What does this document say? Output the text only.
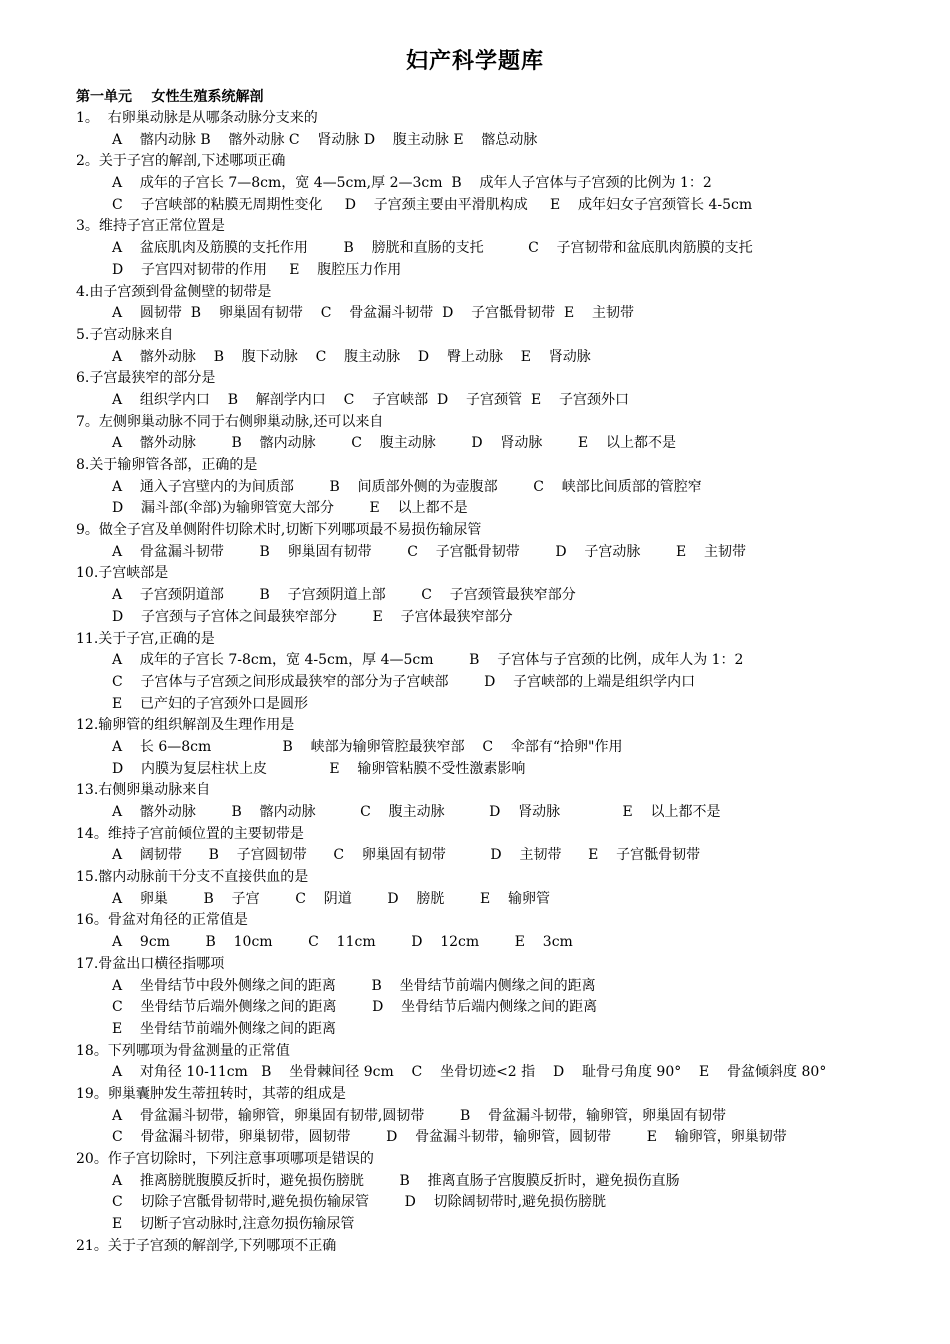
妇产科学题库
第一单元    女性生殖系统解剖
1。  右卵巢动脉是从哪条动脉分支来的
A    髂内动脉 B    髂外动脉 C    肾动脉 D    腹主动脉 E    髂总动脉
2。关于子宫的解剖,下述哪项正确
A    成年的子宫长 7—8cm，宽 4—5cm,厚 2—3cm  B    成年人子宫体与子宫颈的比例为 1：2
C    子宫峡部的粘膜无周期性变化     D    子宫颈主要由平滑肌构成     E    成年妇女子宫颈管长 4-5cm
3。维持子宫正常位置是
A    盆底肌肉及筋膜的支托作用        B    膀胱和直肠的支托          C    子宫韧带和盆底肌肉筋膜的支托
D    子宫四对韧带的作用     E    腹腔压力作用
4.由子宫颈到骨盆侧壁的韧带是
A    圆韧带  B    卵巢固有韧带    C    骨盆漏斗韧带  D    子宫骶骨韧带  E    主韧带
5.子宫动脉来自
A    髂外动脉    B    腹下动脉    C    腹主动脉    D    臀上动脉    E    肾动脉
6.子宫最狭窄的部分是
A    组织学内口    B    解剖学内口    C    子宫峡部  D    子宫颈管  E    子宫颈外口
7。左侧卵巢动脉不同于右侧卵巢动脉,还可以来自
A    髂外动脉        B    髂内动脉        C    腹主动脉        D    肾动脉        E    以上都不是
8.关于输卵管各部，正确的是
A    通入子宫壁内的为间质部        B    间质部外侧的为壶腹部        C    峡部比间质部的管腔窄
D    漏斗部(伞部)为输卵管宽大部分        E    以上都不是
9。做全子宫及单侧附件切除术时,切断下列哪项最不易损伤输尿管
A    骨盆漏斗韧带        B    卵巢固有韧带        C    子宫骶骨韧带        D    子宫动脉        E    主韧带
10.子宫峡部是
A    子宫颈阴道部        B    子宫颈阴道上部        C    子宫颈管最狭窄部分
D    子宫颈与子宫体之间最狭窄部分        E    子宫体最狭窄部分
11.关于子宫,正确的是
A    成年的子宫长 7-8cm，宽 4-5cm，厚 4—5cm        B    子宫体与子宫颈的比例，成年人为 1：2
C    子宫体与子宫颈之间形成最狭窄的部分为子宫峡部        D    子宫峡部的上端是组织学内口
E    已产妇的子宫颈外口是圆形
12.输卵管的组织解剖及生理作用是
A    长 6—8cm                B    峡部为输卵管腔最狭窄部    C    伞部有“拾卵"作用
D    内膜为复层柱状上皮              E    输卵管粘膜不受性激素影响
13.右侧卵巢动脉来自
A    髂外动脉        B    髂内动脉          C    腹主动脉          D    肾动脉              E    以上都不是
14。维持子宫前倾位置的主要韧带是
A    阔韧带      B    子宫圆韧带      C    卵巢固有韧带          D    主韧带      E    子宫骶骨韧带
15.髂内动脉前干分支不直接供血的是
A    卵巢        B    子宫        C    阴道        D    膀胱        E    输卵管
16。骨盆对角径的正常值是
A    9cm        B    10cm        C    11cm        D    12cm        E    3cm
17.骨盆出口横径指哪项
A    坐骨结节中段外侧缘之间的距离        B    坐骨结节前端内侧缘之间的距离
C    坐骨结节后端外侧缘之间的距离        D    坐骨结节后端内侧缘之间的距离
E    坐骨结节前端外侧缘之间的距离
18。下列哪项为骨盆测量的正常值
A    对角径 10-11cm   B    坐骨棘间径 9cm    C    坐骨切迹<2 指    D    耻骨弓角度 90°    E    骨盆倾斜度 80°
19。卵巢囊肿发生蒂扭转时，其蒂的组成是
A    骨盆漏斗韧带，输卵管，卵巢固有韧带,圆韧带        B    骨盆漏斗韧带，输卵管，卵巢固有韧带
C    骨盆漏斗韧带，卵巢韧带，圆韧带        D    骨盆漏斗韧带，输卵管，圆韧带        E    输卵管，卵巢韧带
20。作子宫切除时，下列注意事项哪项是错误的
A    推离膀胱腹膜反折时，避免损伤膀胱        B    推离直肠子宫腹膜反折时，避免损伤直肠
C    切除子宫骶骨韧带时,避免损伤输尿管        D    切除阔韧带时,避免损伤膀胱
E    切断子宫动脉时,注意勿损伤输尿管
21。关于子宫颈的解剖学,下列哪项不正确
